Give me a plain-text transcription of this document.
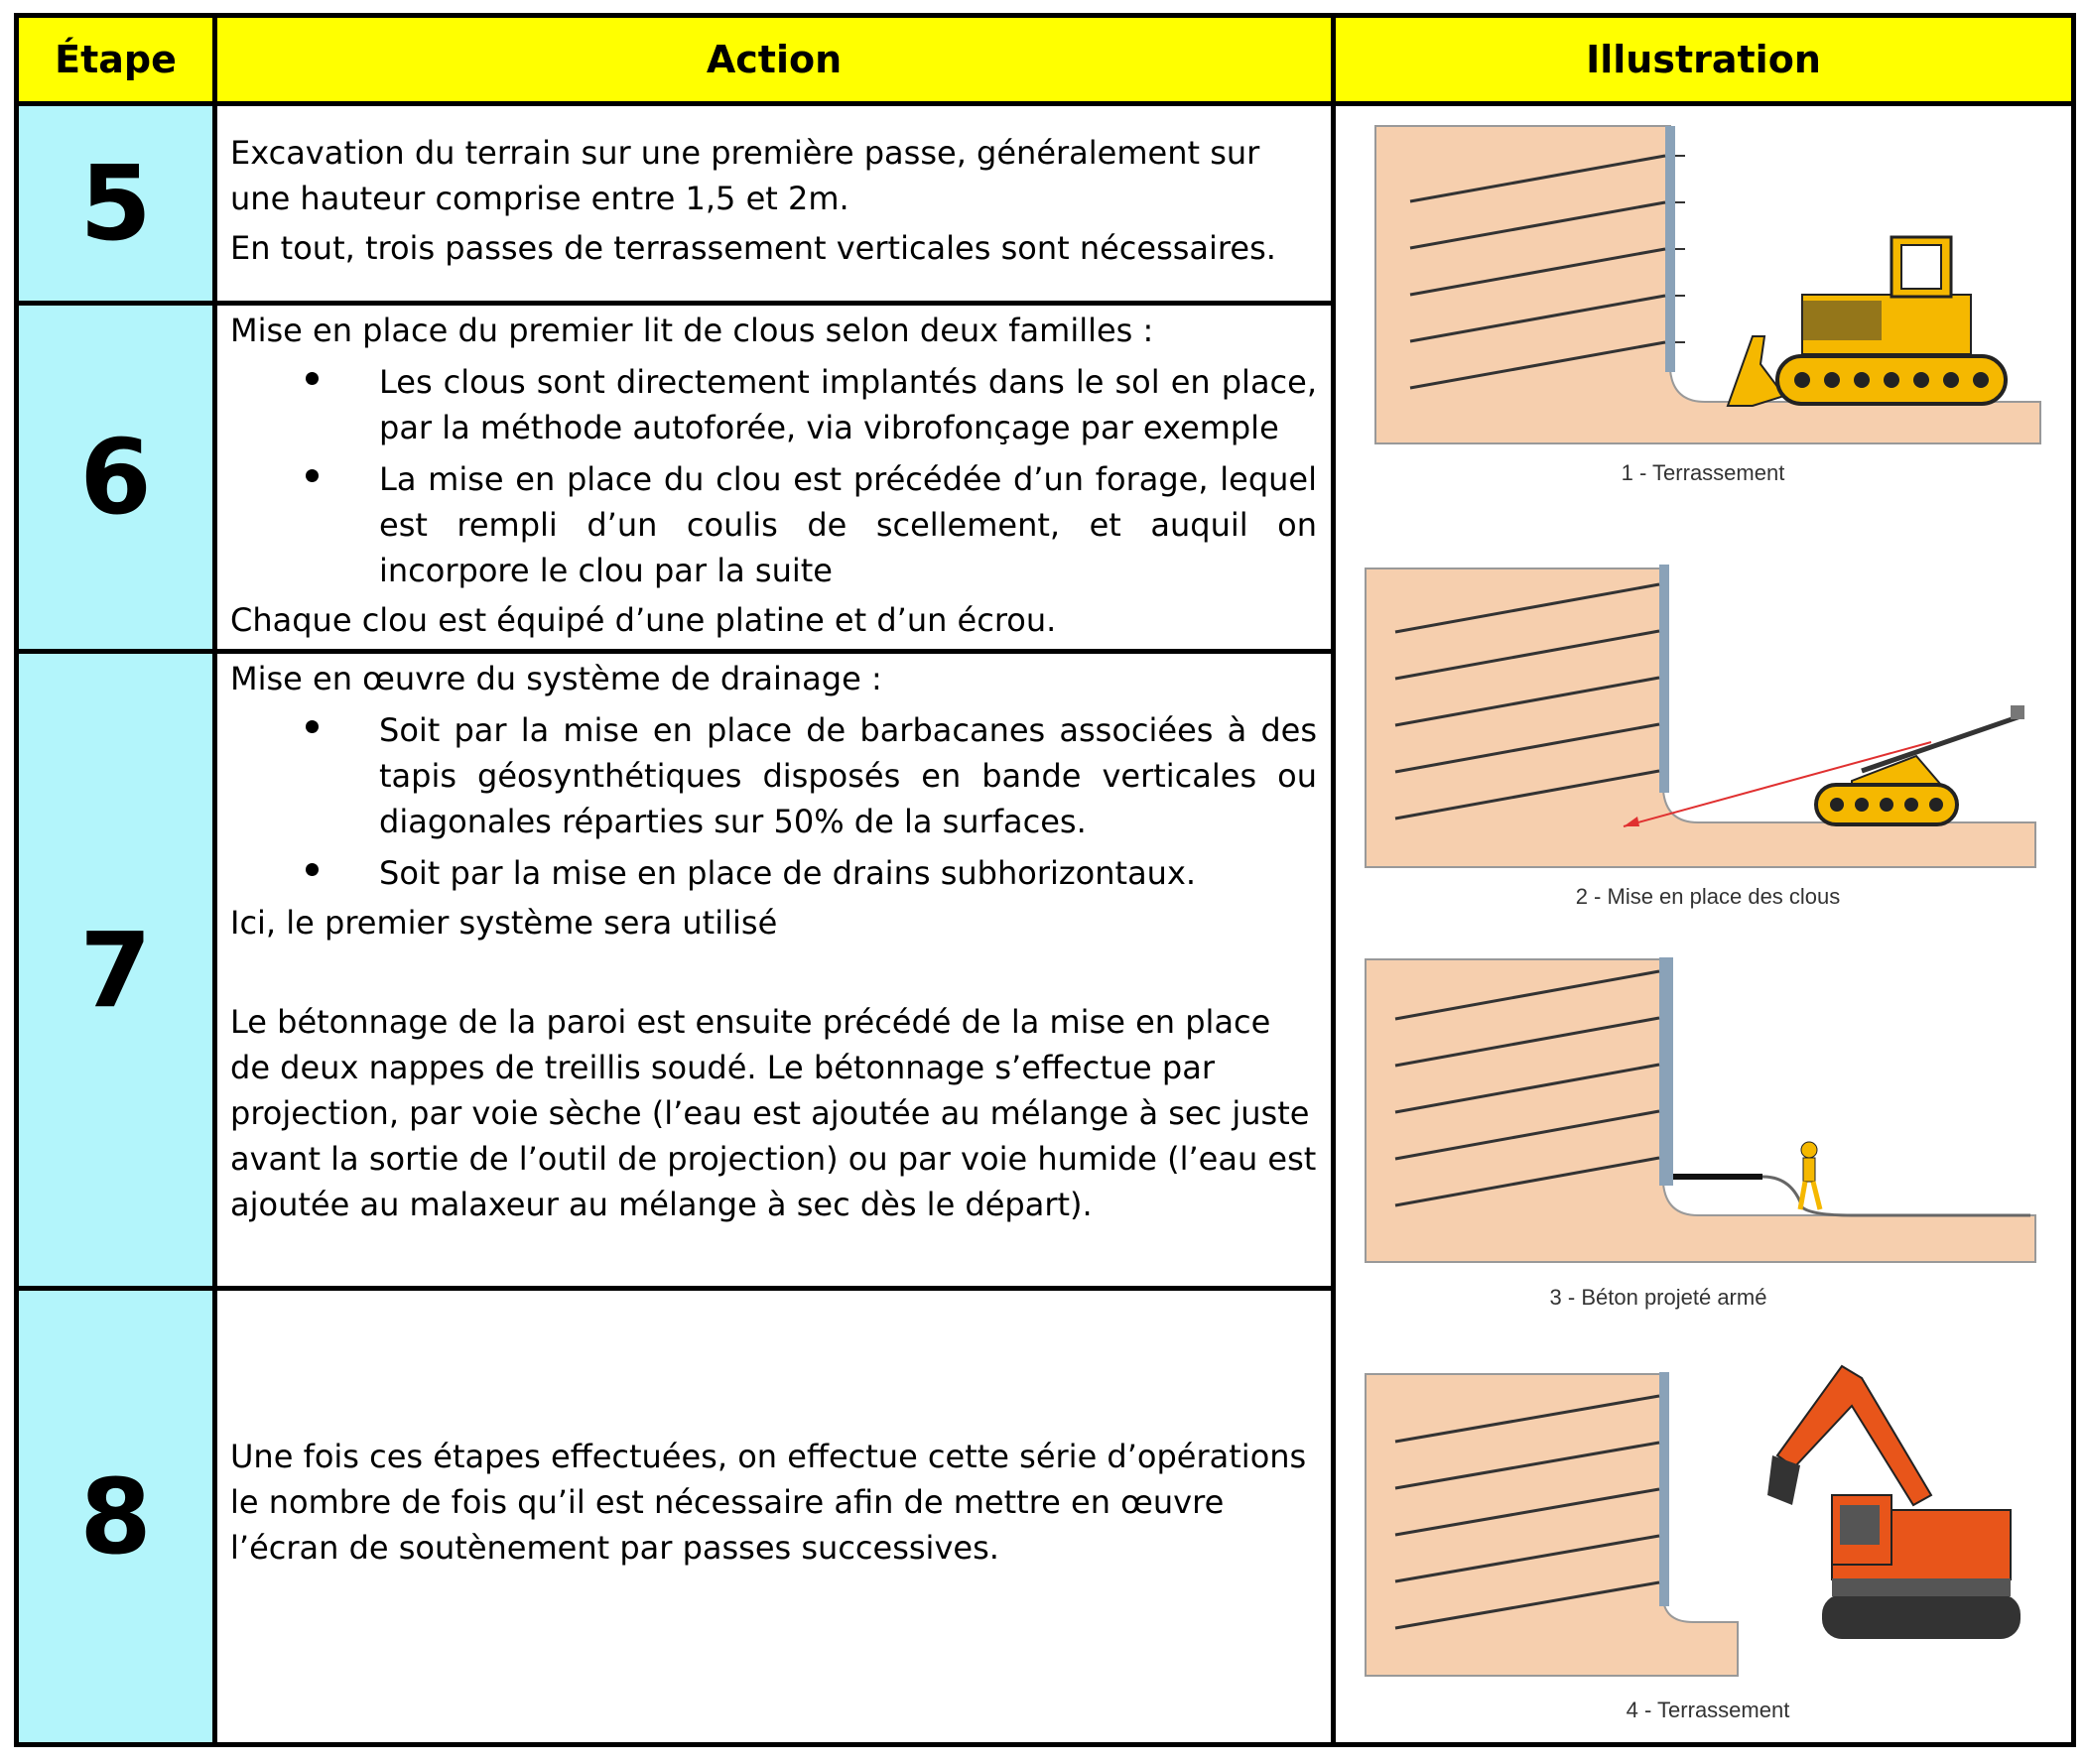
Étape	Action	Illustration
5
6
7
8

Excavation du terrain sur une première passe, généralement sur une hauteur comprise entre 1,5 et 2m.

En tout, trois passes de terrassement verticales sont nécessaires.

Mise en place du premier lit de clous selon deux familles :

Les clous sont directement implantés dans le sol en place, par la méthode autoforée, via vibrofonçage par exemple
La mise en place du clou est précédée d’un forage, lequel est rempli d’un coulis de scellement, et auquil on incorpore le clou par la suite

Chaque clou est équipé d’une platine et d’un écrou.

Mise en œuvre du système de drainage :

Soit par la mise en place de barbacanes associées à des tapis géosynthétiques disposés en bande verticales ou diagonales réparties sur 50% de la surfaces.
Soit par la mise en place de drains subhorizontaux.

Ici, le premier système sera utilisé

Le bétonnage de la paroi est ensuite précédé de la mise en place de deux nappes de treillis soudé. Le bétonnage s’effectue par projection, par voie sèche (l’eau est ajoutée au mélange à sec juste avant la sortie de l’outil de projection) ou par voie humide (l’eau est ajoutée au malaxeur au mélange à sec dès le départ).

Une fois ces étapes effectuées, on effectue cette série d’opérations le nombre de fois qu’il est nécessaire afin de mettre en œuvre l’écran de soutènement par passes successives.

1 - Terrassement
2 - Mise en place des clous
3 - Béton projeté armé
4 - Terrassement
